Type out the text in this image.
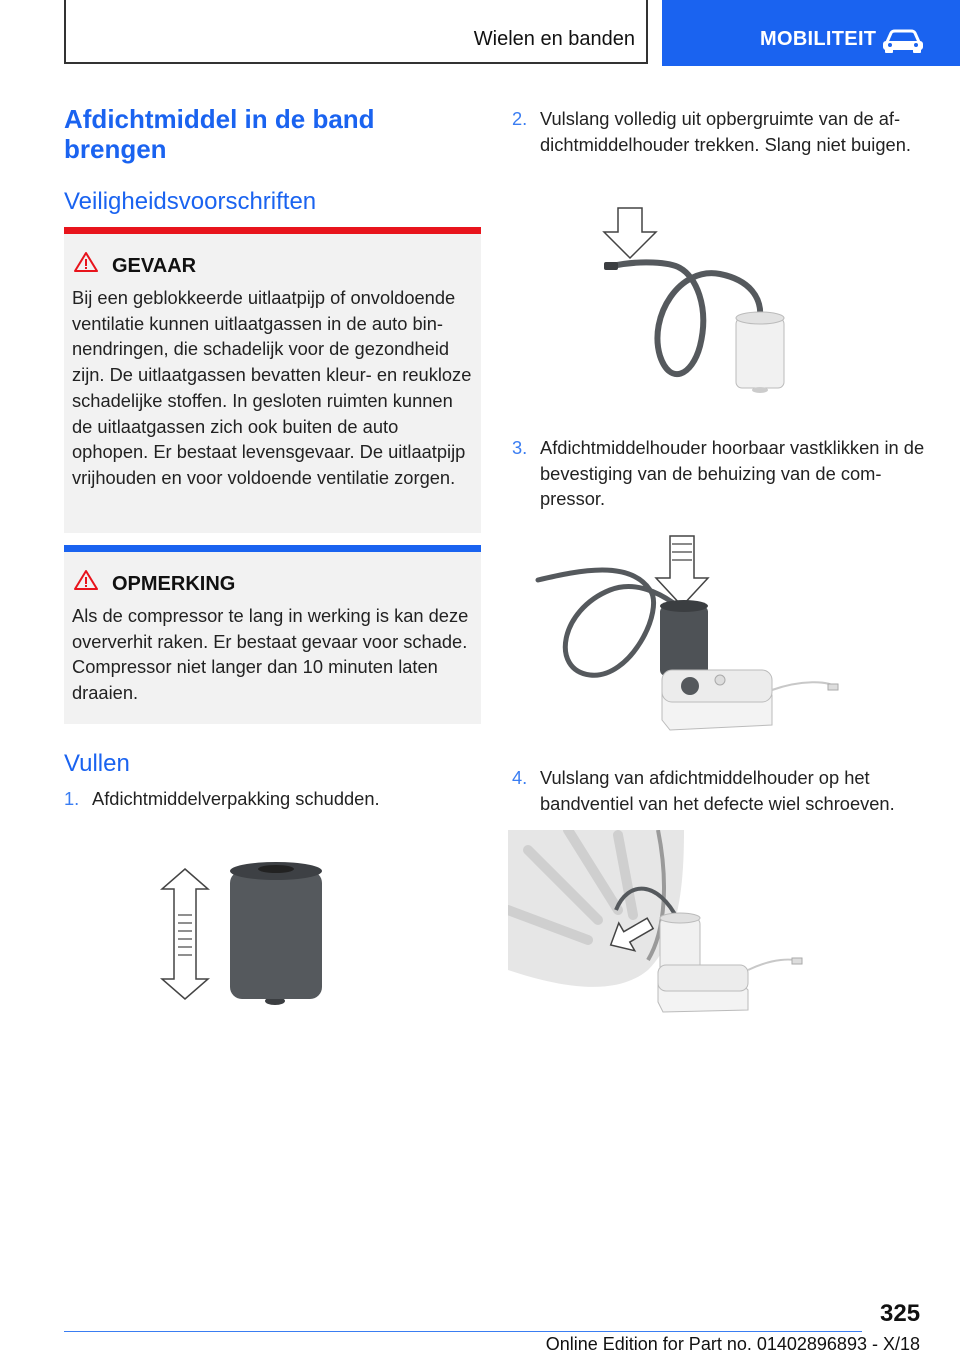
Wielen en banden	MOBILITEIT
Afdichtmiddel in de band brengen
Veiligheidsvoorschriften
GEVAAR
Bij een geblokkeerde uitlaatpijp of onvoldoende ventilatie kunnen uitlaatgassen in de auto binnendringen, die schadelijk voor de gezondheid zijn. De uitlaatgassen bevatten kleur- en reukloze schadelijke stoffen. In gesloten ruimten kunnen de uitlaatgassen zich ook buiten de auto ophopen. Er bestaat levensgevaar. De uitlaatpijp vrijhouden en voor voldoende ventilatie zorgen.
OPMERKING
Als de compressor te lang in werking is kan deze oververhit raken. Er bestaat gevaar voor schade. Compressor niet langer dan 10 minuten laten draaien.
Vullen
1. Afdichtmiddelverpakking schudden.
2. Vulslang volledig uit opbergruimte van de afdichtmiddelhouder trekken. Slang niet buigen.
3. Afdichtmiddelhouder hoorbaar vastklikken in de bevestiging van de behuizing van de compressor.
4. Vulslang van afdichtmiddelhouder op het bandventiel van het defecte wiel schroeven.
325
Online Edition for Part no. 01402896893 - X/18
